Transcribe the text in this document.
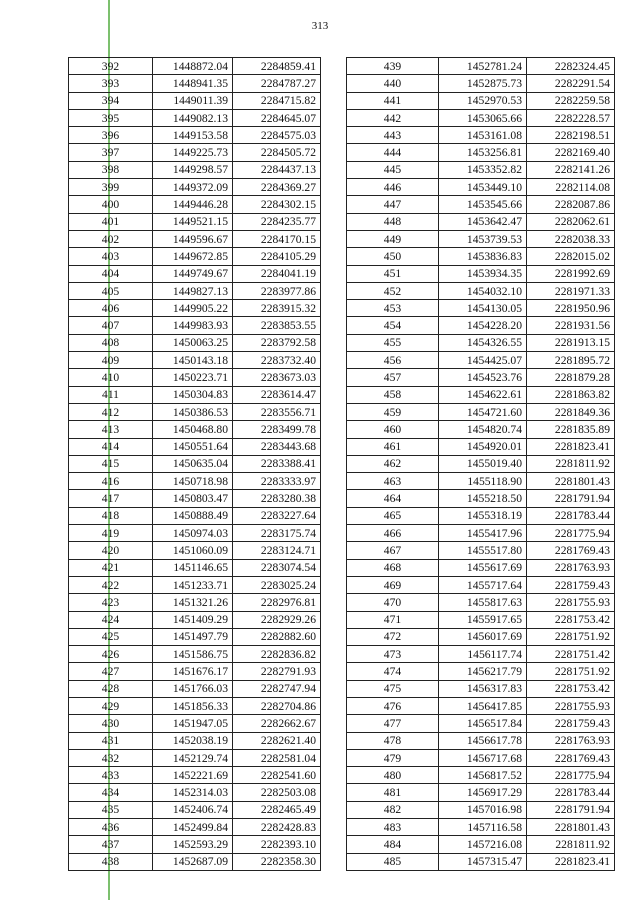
313
392	1448872.04	2284859.41
393	1448941.35	2284787.27
394	1449011.39	2284715.82
395	1449082.13	2284645.07
396	1449153.58	2284575.03
397	1449225.73	2284505.72
398	1449298.57	2284437.13
399	1449372.09	2284369.27
400	1449446.28	2284302.15
401	1449521.15	2284235.77
402	1449596.67	2284170.15
403	1449672.85	2284105.29
404	1449749.67	2284041.19
405	1449827.13	2283977.86
406	1449905.22	2283915.32
407	1449983.93	2283853.55
408	1450063.25	2283792.58
409	1450143.18	2283732.40
410	1450223.71	2283673.03
411	1450304.83	2283614.47
412	1450386.53	2283556.71
413	1450468.80	2283499.78
414	1450551.64	2283443.68
415	1450635.04	2283388.41
416	1450718.98	2283333.97
417	1450803.47	2283280.38
418	1450888.49	2283227.64
419	1450974.03	2283175.74
420	1451060.09	2283124.71
421	1451146.65	2283074.54
422	1451233.71	2283025.24
423	1451321.26	2282976.81
424	1451409.29	2282929.26
425	1451497.79	2282882.60
426	1451586.75	2282836.82
427	1451676.17	2282791.93
428	1451766.03	2282747.94
429	1451856.33	2282704.86
430	1451947.05	2282662.67
431	1452038.19	2282621.40
432	1452129.74	2282581.04
433	1452221.69	2282541.60
434	1452314.03	2282503.08
435	1452406.74	2282465.49
436	1452499.84	2282428.83
437	1452593.29	2282393.10
438	1452687.09	2282358.30
439	1452781.24	2282324.45
440	1452875.73	2282291.54
441	1452970.53	2282259.58
442	1453065.66	2282228.57
443	1453161.08	2282198.51
444	1453256.81	2282169.40
445	1453352.82	2282141.26
446	1453449.10	2282114.08
447	1453545.66	2282087.86
448	1453642.47	2282062.61
449	1453739.53	2282038.33
450	1453836.83	2282015.02
451	1453934.35	2281992.69
452	1454032.10	2281971.33
453	1454130.05	2281950.96
454	1454228.20	2281931.56
455	1454326.55	2281913.15
456	1454425.07	2281895.72
457	1454523.76	2281879.28
458	1454622.61	2281863.82
459	1454721.60	2281849.36
460	1454820.74	2281835.89
461	1454920.01	2281823.41
462	1455019.40	2281811.92
463	1455118.90	2281801.43
464	1455218.50	2281791.94
465	1455318.19	2281783.44
466	1455417.96	2281775.94
467	1455517.80	2281769.43
468	1455617.69	2281763.93
469	1455717.64	2281759.43
470	1455817.63	2281755.93
471	1455917.65	2281753.42
472	1456017.69	2281751.92
473	1456117.74	2281751.42
474	1456217.79	2281751.92
475	1456317.83	2281753.42
476	1456417.85	2281755.93
477	1456517.84	2281759.43
478	1456617.78	2281763.93
479	1456717.68	2281769.43
480	1456817.52	2281775.94
481	1456917.29	2281783.44
482	1457016.98	2281791.94
483	1457116.58	2281801.43
484	1457216.08	2281811.92
485	1457315.47	2281823.41
